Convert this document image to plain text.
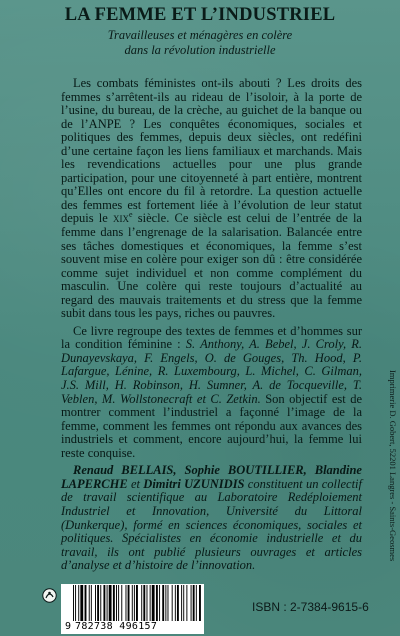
LA FEMME ET L’INDUSTRIEL
Travailleuses et ménagères en colère
dans la révolution industrielle

Les combats féministes ont-ils abouti ? Les droits des femmes s’arrêtent-ils au rideau de l’isoloir, à la porte de l’usine, du bureau, de la crèche, au guichet de la banque ou de l’ANPE ? Les conquêtes économiques, sociales et politiques des femmes, depuis deux siècles, ont redéfini d’une certaine façon les liens familiaux et marchands. Mais les revendications actuelles pour une plus grande participation, pour une citoyenneté à part entière, montrent qu’Elles ont encore du fil à retordre. La question actuelle des femmes est fortement liée à l’évolution de leur statut depuis le xix$^e$ siècle. Ce siècle est celui de l’entrée de la femme dans l’engrenage de la salarisation. Balancée entre ses tâches domestiques et économiques, la femme s’est souvent mise en colère pour exiger son dû : être considérée comme sujet individuel et non comme complément du masculin. Une colère qui reste toujours d’actualité au regard des mauvais traitements et du stress que la femme subit dans tous les pays, riches ou pauvres.

Ce livre regroupe des textes de femmes et d’hommes sur la condition féminine : S. Anthony, A. Bebel, J. Croly, R. Dunayevskaya, F. Engels, O. de Gouges, Th. Hood, P. Lafargue, Lénine, R. Luxembourg, L. Michel, C. Gilman, J.S. Mill, H. Robinson, H. Sumner, A. de Tocqueville, T. Veblen, M. Wollstonecraft et C. Zetkin. Son objectif est de montrer comment l’industriel a façonné l’image de la femme, comment les femmes ont répondu aux avances des industriels et comment, encore aujourd’hui, la femme lui reste conquise.

Renaud BELLAIS, Sophie BOUTILLIER, Blandine LAPERCHE et Dimitri UZUNIDIS constituent un collectif de travail scientifique au Laboratoire Redéploiement Industriel et Innovation, Université du Littoral (Dunkerque), formé en sciences économiques, sociales et politiques. Spécialistes en économie industrielle et du travail, ils ont publié plusieurs ouvrages et articles d’analyse et d’histoire de l’innovation.

Imprimerie D. Gobert, 52201 Langres - Saints-Geosmes
9 782738 496157
ISBN : 2-7384-9615-6
